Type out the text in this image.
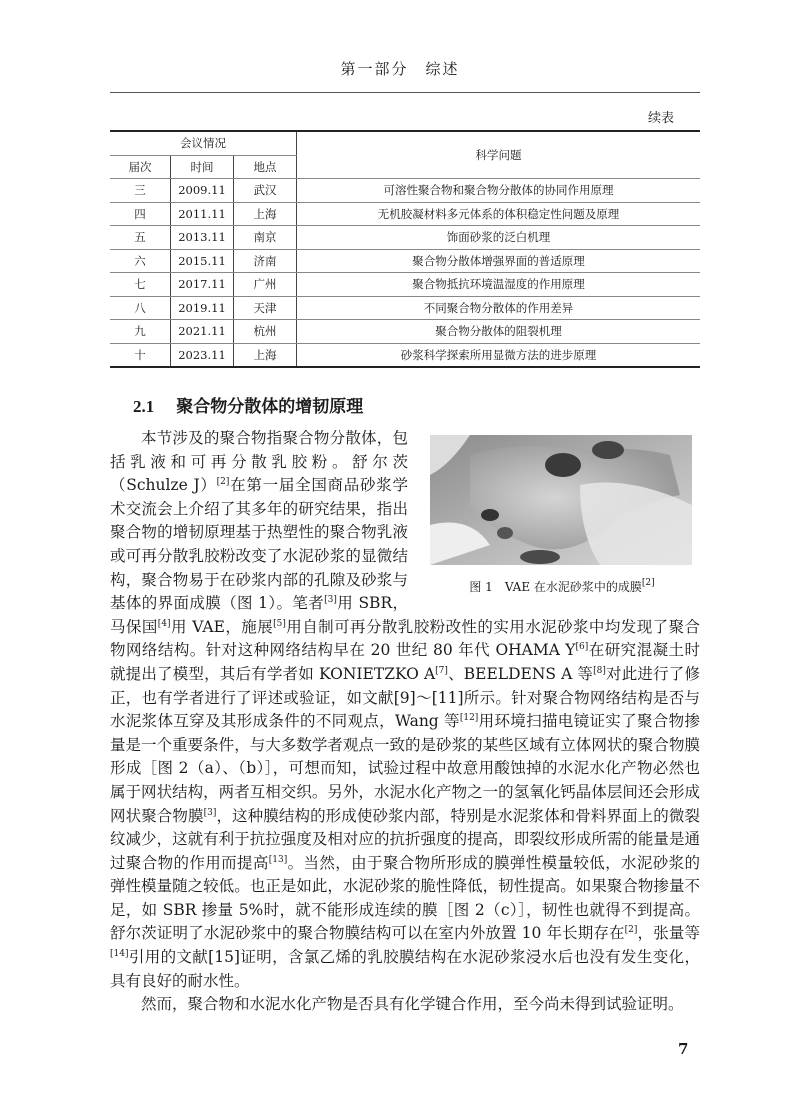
第一部分　综述
续表
会议情况			科学问题
届次	时间	地点	
三	2009.11	武汉	可溶性聚合物和聚合物分散体的协同作用原理
四	2011.11	上海	无机胶凝材料多元体系的体积稳定性问题及原理
五	2013.11	南京	饰面砂浆的泛白机理
六	2015.11	济南	聚合物分散体增强界面的普适原理
七	2017.11	广州	聚合物抵抗环境温湿度的作用原理
八	2019.11	天津	不同聚合物分散体的作用差异
九	2021.11	杭州	聚合物分散体的阻裂机理
十	2023.11	上海	砂浆科学探索所用显微方法的进步原理
2.1 聚合物分散体的增韧原理
图 1　 VAE 在水泥砂浆中的成膜[2]

本节涉及的聚合物指聚合物分散体，包括乳液和可再分散乳胶粉。舒尔茨（Schulze J）[2]在第一届全国商品砂浆学术交流会上介绍了其多年的研究结果，指出聚合物的增韧原理基于热塑性的聚合物乳液或可再分散乳胶粉改变了水泥砂浆的显微结构，聚合物易于在砂浆内部的孔隙及砂浆与基体的界面成膜（图 1）。笔者[3]用 SBR，马保国[4]用 VAE，施展[5]用自制可再分散乳胶粉改性的实用水泥砂浆中均发现了聚合物网络结构。针对这种网络结构早在 20 世纪 80 年代 OHAMA Y[6]在研究混凝土时就提出了模型，其后有学者如 KONIETZKO A[7]、BEELDENS A 等[8]对此进行了修正，也有学者进行了评述或验证，如文献[9]～[11]所示。针对聚合物网络结构是否与水泥浆体互穿及其形成条件的不同观点，Wang 等[12]用环境扫描电镜证实了聚合物掺量是一个重要条件，与大多数学者观点一致的是砂浆的某些区域有立体网状的聚合物膜形成［图 2（a）、（b）］，可想而知，试验过程中故意用酸蚀掉的水泥水化产物必然也属于网状结构，两者互相交织。另外，水泥水化产物之一的氢氧化钙晶体层间还会形成网状聚合物膜[3]，这种膜结构的形成使砂浆内部，特别是水泥浆体和骨料界面上的微裂纹减少，这就有利于抗拉强度及相对应的抗折强度的提高，即裂纹形成所需的能量是通过聚合物的作用而提高[13]。当然，由于聚合物所形成的膜弹性模量较低，水泥砂浆的弹性模量随之较低。也正是如此，水泥砂浆的脆性降低，韧性提高。如果聚合物掺量不足，如 SBR 掺量 5%时，就不能形成连续的膜［图 2（c）］，韧性也就得不到提高。舒尔茨证明了水泥砂浆中的聚合物膜结构可以在室内外放置 10 年长期存在[2]，张量等[14]引用的文献[15]证明，含氯乙烯的乳胶膜结构在水泥砂浆浸水后也没有发生变化，具有良好的耐水性。

然而，聚合物和水泥水化产物是否具有化学键合作用，至今尚未得到试验证明。

7
